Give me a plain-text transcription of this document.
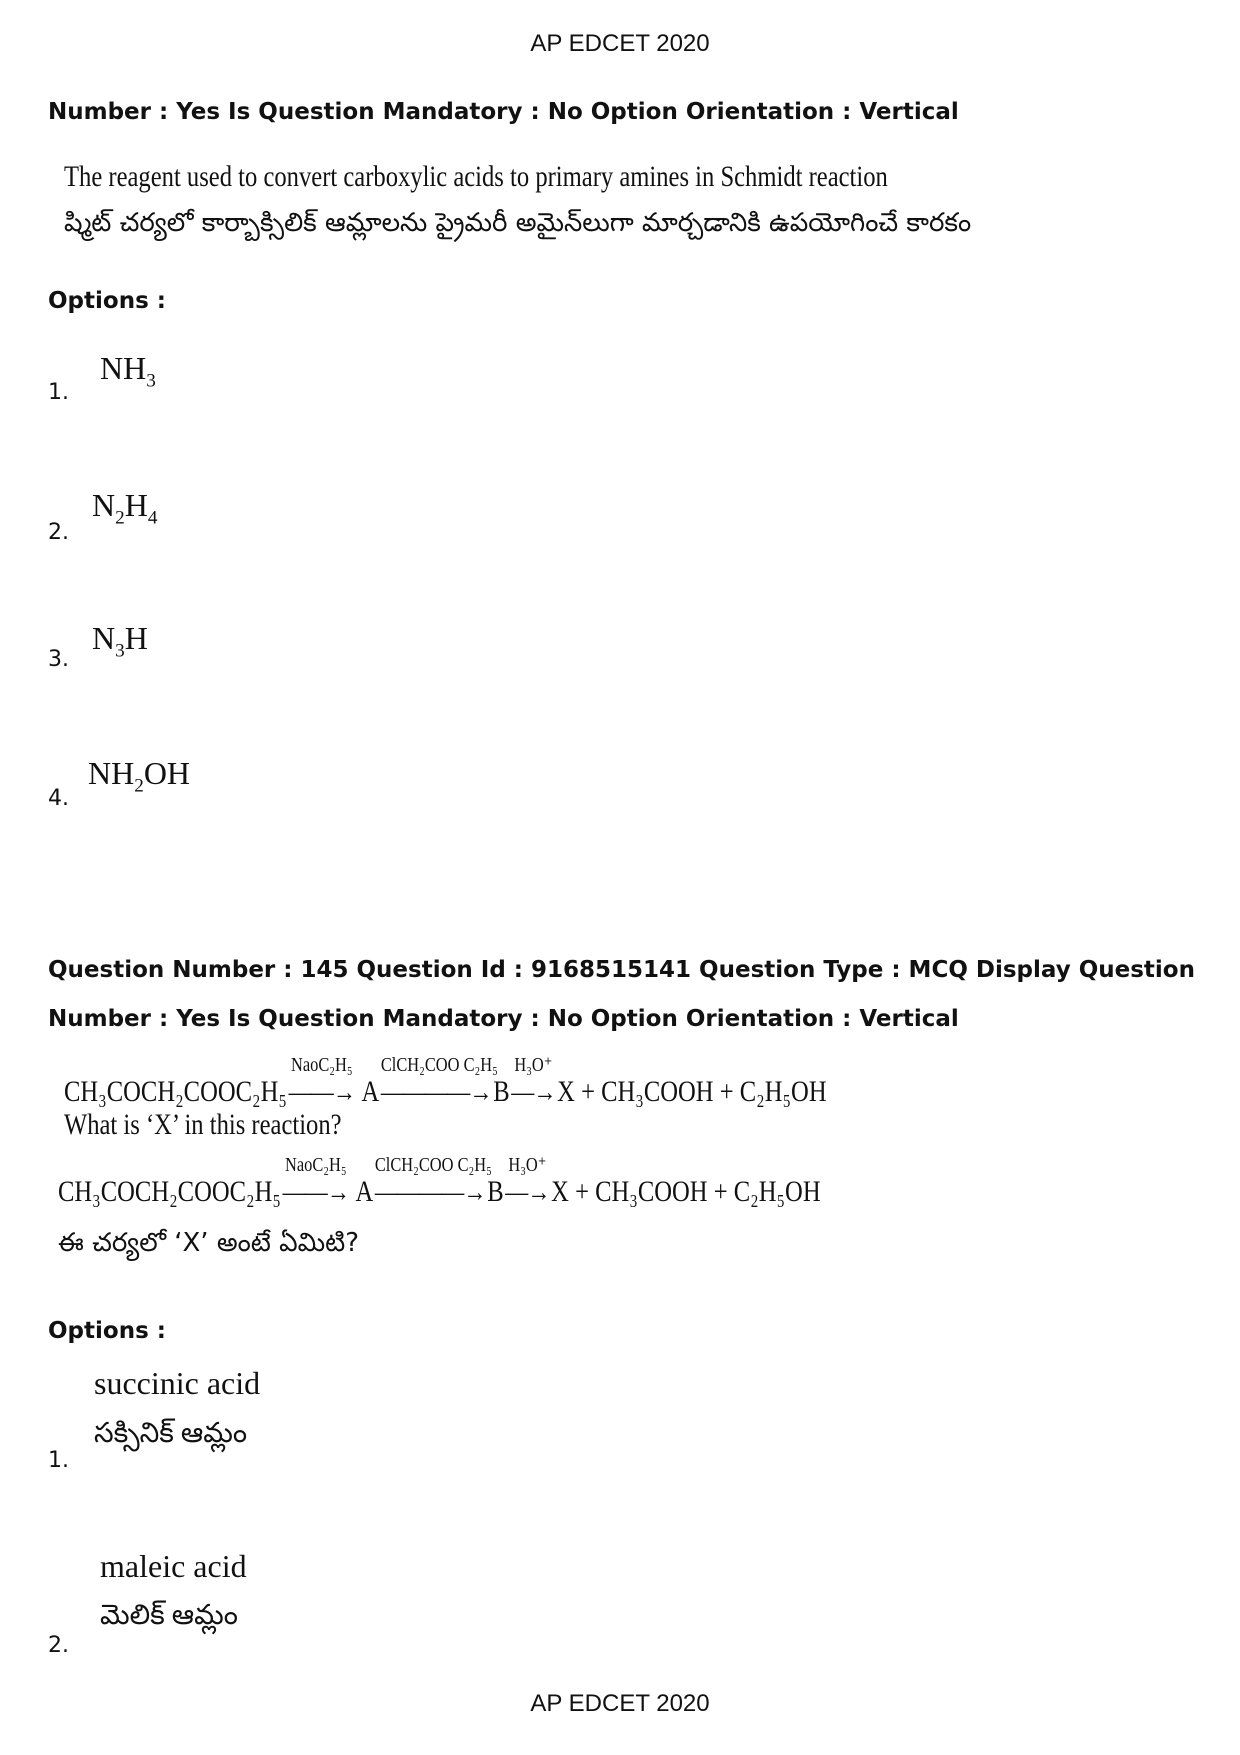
AP EDCET 2020
Number : Yes Is Question Mandatory : No Option Orientation : Vertical
The reagent used to convert carboxylic acids to primary amines in Schmidt reaction
ష్మిట్ చర్యలో కార్బాక్సిలిక్ ఆమ్లాలను ప్రైమరీ అమైన్‌లుగా మార్చడానికి ఉపయోగించే కారకం
Options :
1.
$NH_3$
2.
$N_2H_4$
3.
$N_3H$
4.
$NH_2OH$
Question Number : 145 Question Id : 9168515141 Question Type : MCQ Display Question
Number : Yes Is Question Mandatory : No Option Orientation : Vertical
CH₃COCH₂COOC₂H₅
NaoC₂H₅
——→ A
ClCH₂COO C₂H₅
————→B
H₃O⁺
—→X + CH₃COOH + C₂H₅OH
What is ‘X’ in this reaction?
CH₃COCH₂COOC₂H₅
NaoC₂H₅
——→ A
ClCH₂COO C₂H₅
————→B
H₃O⁺
—→X + CH₃COOH + C₂H₅OH
ఈ చర్యలో ‘X’ అంటే ఏమిటి?
Options :
1.
succinic acid
సక్సినిక్ ఆమ్లం
2.
maleic acid
మెలిక్ ఆమ్లం
AP EDCET 2020
